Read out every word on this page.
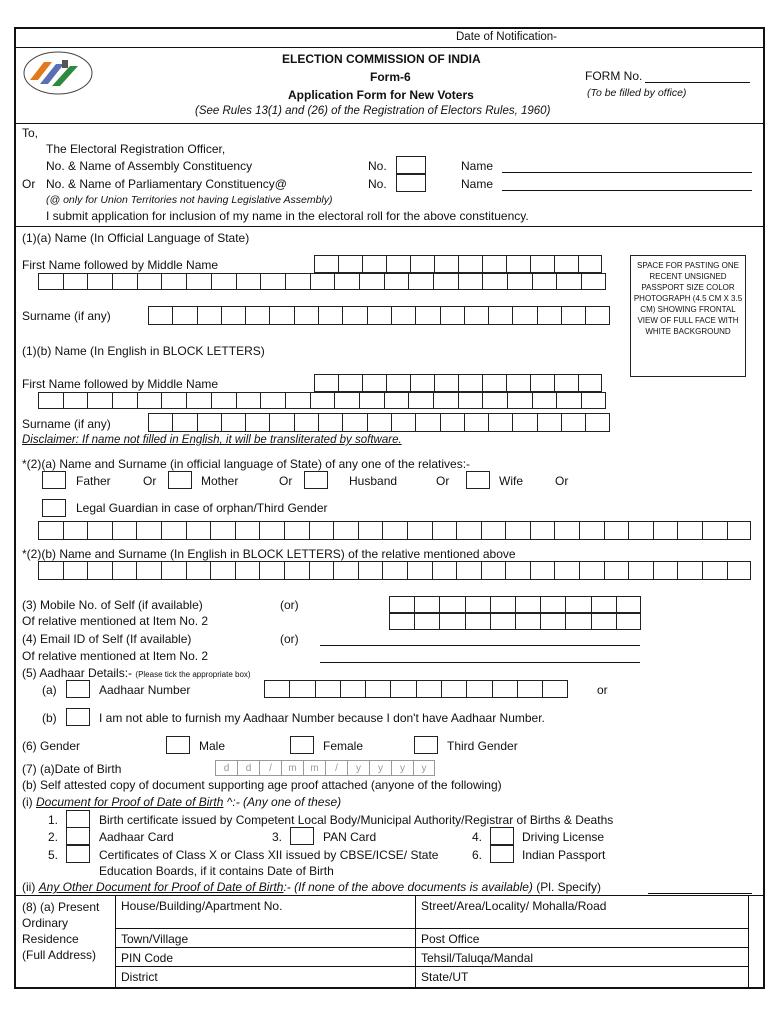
Date of Notification-
ELECTION COMMISSION OF INDIA
Form-6
Application Form for New Voters
(See Rules 13(1) and (26) of the Registration of Electors Rules, 1960)
FORM No.
(To be filled by office)
To,
The Electoral Registration Officer,
No. & Name of Assembly Constituency	No.	Name
Or No. & Name of Parliamentary Constituency@	No.	Name
(@ only for Union Territories not having Legislative Assembly)
I submit application for inclusion of my name in the electoral roll for the above constituency.
(1)(a) Name (In Official Language of State)
First Name followed by Middle Name
Surname (if any)
(1)(b) Name (In English in BLOCK LETTERS)
First Name followed by Middle Name
Surname (if any)
Disclaimer: If name not filled in English, it will be transliterated by software.
SPACE FOR PASTING ONE RECENT UNSIGNED PASSPORT SIZE COLOR PHOTOGRAPH (4.5 CM X 3.5 CM) SHOWING FRONTAL VIEW OF FULL FACE WITH WHITE BACKGROUND
*(2)(a) Name and Surname (in official language of State) of any one of the relatives:-
Father	Or	Mother	Or	Husband	Or	Wife	Or
Legal Guardian in case of orphan/Third Gender
*(2)(b) Name and Surname (In English in BLOCK LETTERS) of the relative mentioned above
(3) Mobile No. of Self (if available)	(or)
Of relative mentioned at Item No. 2
(4) Email ID of Self (If available)	(or)
Of relative mentioned at Item No. 2
(5) Aadhaar Details:- (Please tick the appropriate box)
(a)	Aadhaar Number	or
(b)	I am not able to furnish my Aadhaar Number because I don't have Aadhaar Number.
(6) Gender	Male	Female	Third Gender
(7) (a)Date of Birth	d	d	/	m	m	/	y	y	y	y
(b) Self attested copy of document supporting age proof attached (anyone of the following)
(i) Document for Proof of Date of Birth ^:- (Any one of these)
1.	Birth certificate issued by Competent Local Body/Municipal Authority/Registrar of Births & Deaths
2.	Aadhaar Card	3.	PAN Card	4.	Driving License
5.	Certificates of Class X or Class XII issued by CBSE/ICSE/ State
Education Boards, if it contains Date of Birth
6.	Indian Passport
(ii) Any Other Document for Proof of Date of Birth:- (If none of the above documents is available) (Pl. Specify)
(8) (a) Present
Ordinary
Residence
(Full Address)
House/Building/Apartment No.	Street/Area/Locality/ Mohalla/Road
Town/Village	Post Office
PIN Code	Tehsil/Taluqa/Mandal
District	State/UT
